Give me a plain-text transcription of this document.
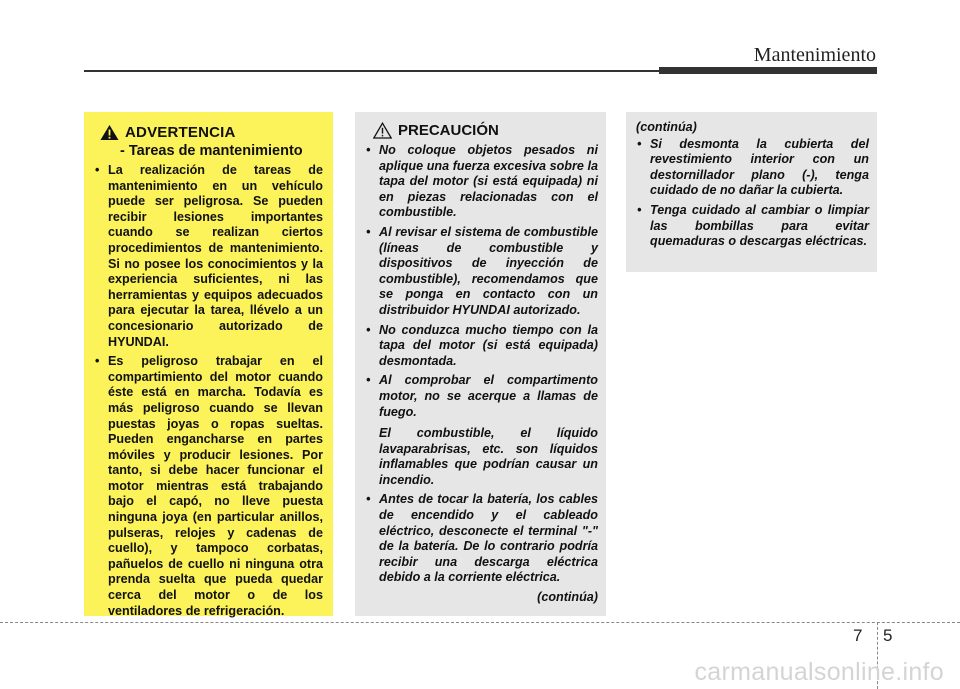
Mantenimiento
ADVERTENCIA
- Tareas de mantenimiento
• La realización de tareas de mantenimiento en un vehículo puede ser peligrosa. Se pueden recibir lesiones importantes cuando se realizan ciertos procedimientos de mantenimiento. Si no posee los conocimientos y la experiencia suficientes, ni las herramientas y equipos adecuados para ejecutar la tarea, llévelo a un concesionario autorizado de HYUNDAI.
• Es peligroso trabajar en el compartimiento del motor cuando éste está en marcha. Todavía es más peligroso cuando se llevan puestas joyas o ropas sueltas. Pueden engancharse en partes móviles y producir lesiones. Por tanto, si debe hacer funcionar el motor mientras está trabajando bajo el capó, no lleve puesta ninguna joya (en particular anillos, pulseras, relojes y cadenas de cuello), y tampoco corbatas, pañuelos de cuello ni ninguna otra prenda suelta que pueda quedar cerca del motor o de los ventiladores de refrigeración.
PRECAUCIÓN
• No coloque objetos pesados ni aplique una fuerza excesiva sobre la tapa del motor (si está equipada) ni en piezas relacionadas con el combustible.
• Al revisar el sistema de combustible (líneas de combustible y dispositivos de inyección de combustible), recomendamos que se ponga en contacto con un distribuidor HYUNDAI autorizado.
• No conduzca mucho tiempo con la tapa del motor (si está equipada) desmontada.
• Al comprobar el compartimento motor, no se acerque a llamas de fuego.
El combustible, el líquido lavaparabrisas, etc. son líquidos inflamables que podrían causar un incendio.
• Antes de tocar la batería, los cables de encendido y el cableado eléctrico, desconecte el terminal "-" de la batería. De lo contrario podría recibir una descarga eléctrica debido a la corriente eléctrica.
(continúa)
(continúa)
• Si desmonta la cubierta del revestimiento interior con un destornillador plano (-), tenga cuidado de no dañar la cubierta.
• Tenga cuidado al cambiar o limpiar las bombillas para evitar quemaduras o descargas eléctricas.
7 5
carmanualsonline.info
